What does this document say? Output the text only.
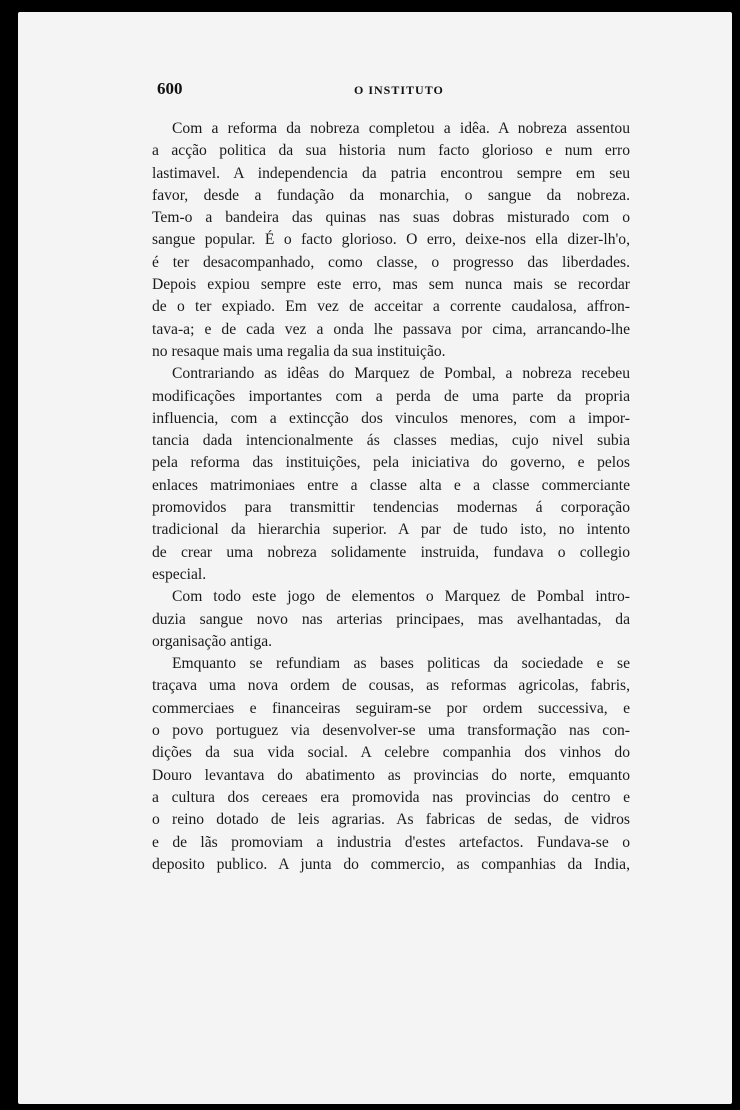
600	O INSTITUTO
Com a reforma da nobreza completou a idêa. A nobreza assentou
a acção politica da sua historia num facto glorioso e num erro
lastimavel. A independencia da patria encontrou sempre em seu
favor, desde a fundação da monarchia, o sangue da nobreza.
Tem-o a bandeira das quinas nas suas dobras misturado com o
sangue popular. É o facto glorioso. O erro, deixe-nos ella dizer-lh'o,
é ter desacompanhado, como classe, o progresso das liberdades.
Depois expiou sempre este erro, mas sem nunca mais se recordar
de o ter expiado. Em vez de acceitar a corrente caudalosa, affron-
tava-a; e de cada vez a onda lhe passava por cima, arrancando-lhe
no resaque mais uma regalia da sua instituição.
Contrariando as idêas do Marquez de Pombal, a nobreza recebeu
modificações importantes com a perda de uma parte da propria
influencia, com a extincção dos vinculos menores, com a impor-
tancia dada intencionalmente ás classes medias, cujo nivel subia
pela reforma das instituições, pela iniciativa do governo, e pelos
enlaces matrimoniaes entre a classe alta e a classe commerciante
promovidos para transmittir tendencias modernas á corporação
tradicional da hierarchia superior. A par de tudo isto, no intento
de crear uma nobreza solidamente instruida, fundava o collegio
especial.
Com todo este jogo de elementos o Marquez de Pombal intro-
duzia sangue novo nas arterias principaes, mas avelhantadas, da
organisação antiga.
Emquanto se refundiam as bases politicas da sociedade e se
traçava uma nova ordem de cousas, as reformas agricolas, fabris,
commerciaes e financeiras seguiram-se por ordem successiva, e
o povo portuguez via desenvolver-se uma transformação nas con-
dições da sua vida social. A celebre companhia dos vinhos do
Douro levantava do abatimento as provincias do norte, emquanto
a cultura dos cereaes era promovida nas provincias do centro e
o reino dotado de leis agrarias. As fabricas de sedas, de vidros
e de lãs promoviam a industria d'estes artefactos. Fundava-se o
deposito publico. A junta do commercio, as companhias da India,
